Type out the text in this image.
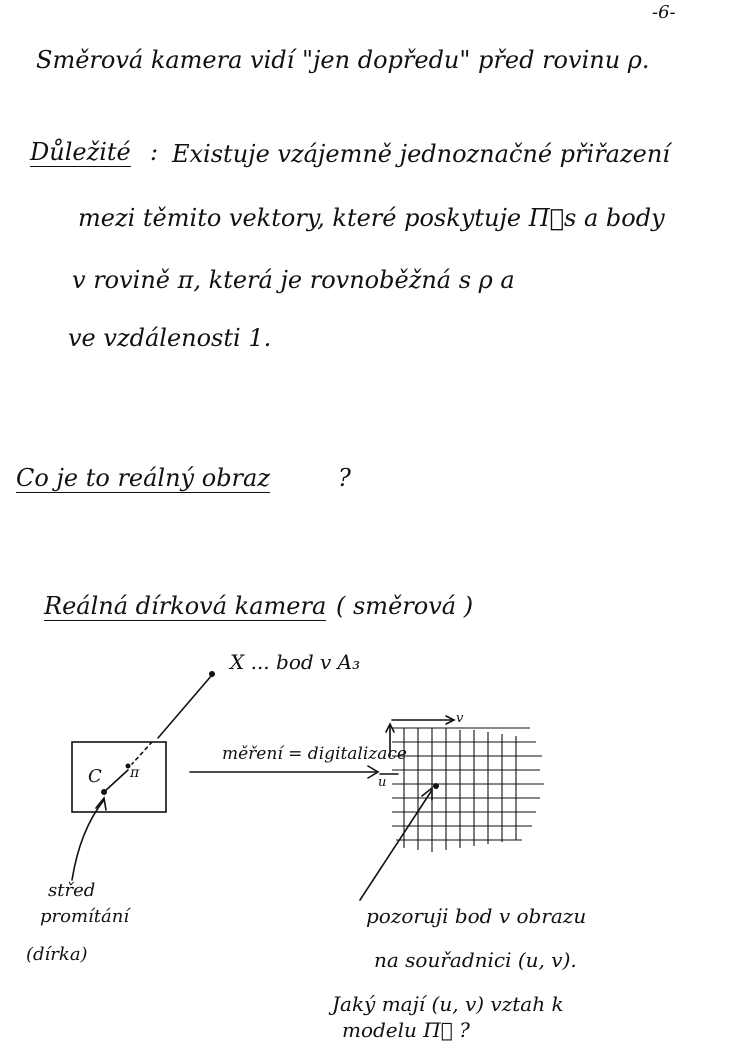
-6-
Směrová kamera vidí "jen dopředu" před rovinu ρ.
Důležité : Existuje vzájemně jednoznačné přiřazení
mezi těmito vektory, které poskytuje Π⃗s a body
v rovině π, která je rovnoběžná s ρ a
ve vzdálenosti 1.
Co je to reálný obraz	?
Reálná dírková kamera ( směrová )
X ... bod v A₃
C π
měření = digitalizace
v
u
střed
promítání
(dírka)
pozoruji bod v obrazu
na souřadnici (u, v).
Jaký mají (u, v) vztah k
modelu Π⃗ ?
